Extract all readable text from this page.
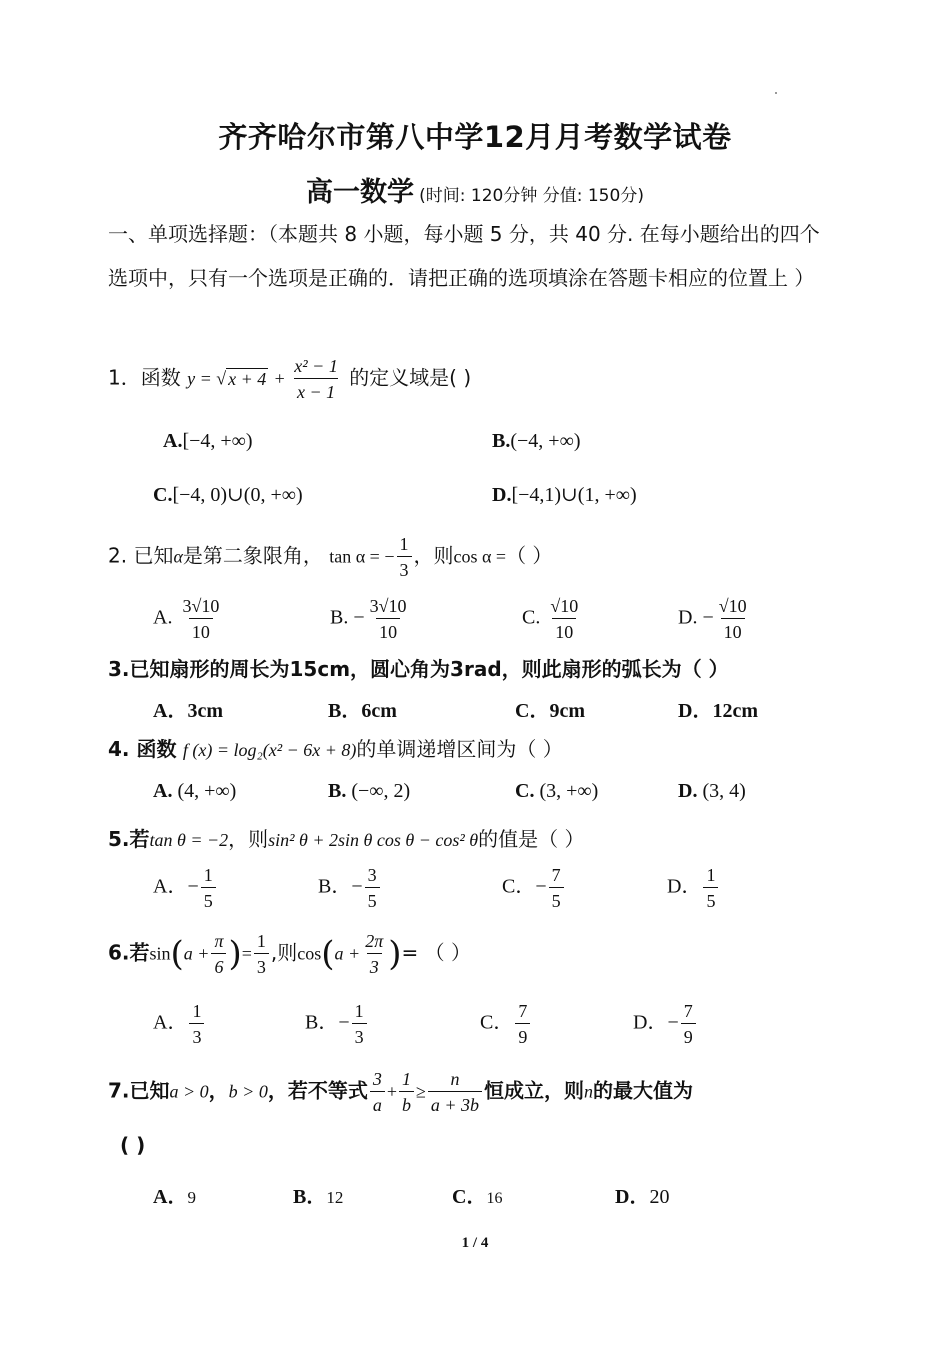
齐齐哈尔市第八中学12月月考数学试卷
高一数学 (时间: 120分钟 分值: 150分)
一、单项选择题：（本题共 8 小题，每小题 5 分，共 40 分. 在每小题给出的四个选项中，只有一个选项是正确的．请把正确的选项填涂在答题卡相应的位置上 ）
1．函数 y = √ $x + 4 + \frac{\text{x² − 1}}{x - 1}$ 的定义域是( )
A.[−4, +∞)	B.(−4, +∞)
C.[−4, 0)∪(0, +∞)	D.[−4,1)∪(1, +∞)
2. 已知α是第二象限角， tan α = − $\frac{1}{3}$ ，则cos α =（ ）
A. $\frac{3√10}{10}$	B. − $\frac{3√10}{10}$	C. $\frac{√10}{10}$	D. − $\frac{√10}{10}$
3.已知扇形的周长为15cm，圆心角为3rad，则此扇形的弧长为（ ）
A．3cm	B．6cm	C．9cm	D．12cm
4. 函数 f (x) = log₂(x² − 6x + 8)的单调递增区间为（ ）
A. (4, +∞)	B. (−∞, 2)	C. (3, +∞)	D. (3, 4)
5.若tan θ = −2，则sin² θ + 2sin θ cos θ − cos² θ的值是（ ）
A．− $\frac{1}{5}$	B．− $\frac{3}{5}$	C．− $\frac{7}{5}$	D． $\frac{1}{5}$
6.若$\sin(a + \frac{\pi}{6}$ )= $\frac{1}{3}$ ,则$\cos(a + \frac{2\pi}{3}$ )= （ ）
A． $\frac{1}{3}$	B．− $\frac{1}{3}$	C． $\frac{7}{9}$	D．− $\frac{7}{9}$
7.已知a > 0，b > 0，若不等式 $\frac{3}{a} + \frac{1}{b} \ge \frac{n}{a + 3b}$ 恒成立，则n的最大值为
( )
A．9	B．12	C．16	D．20
1 / 4
